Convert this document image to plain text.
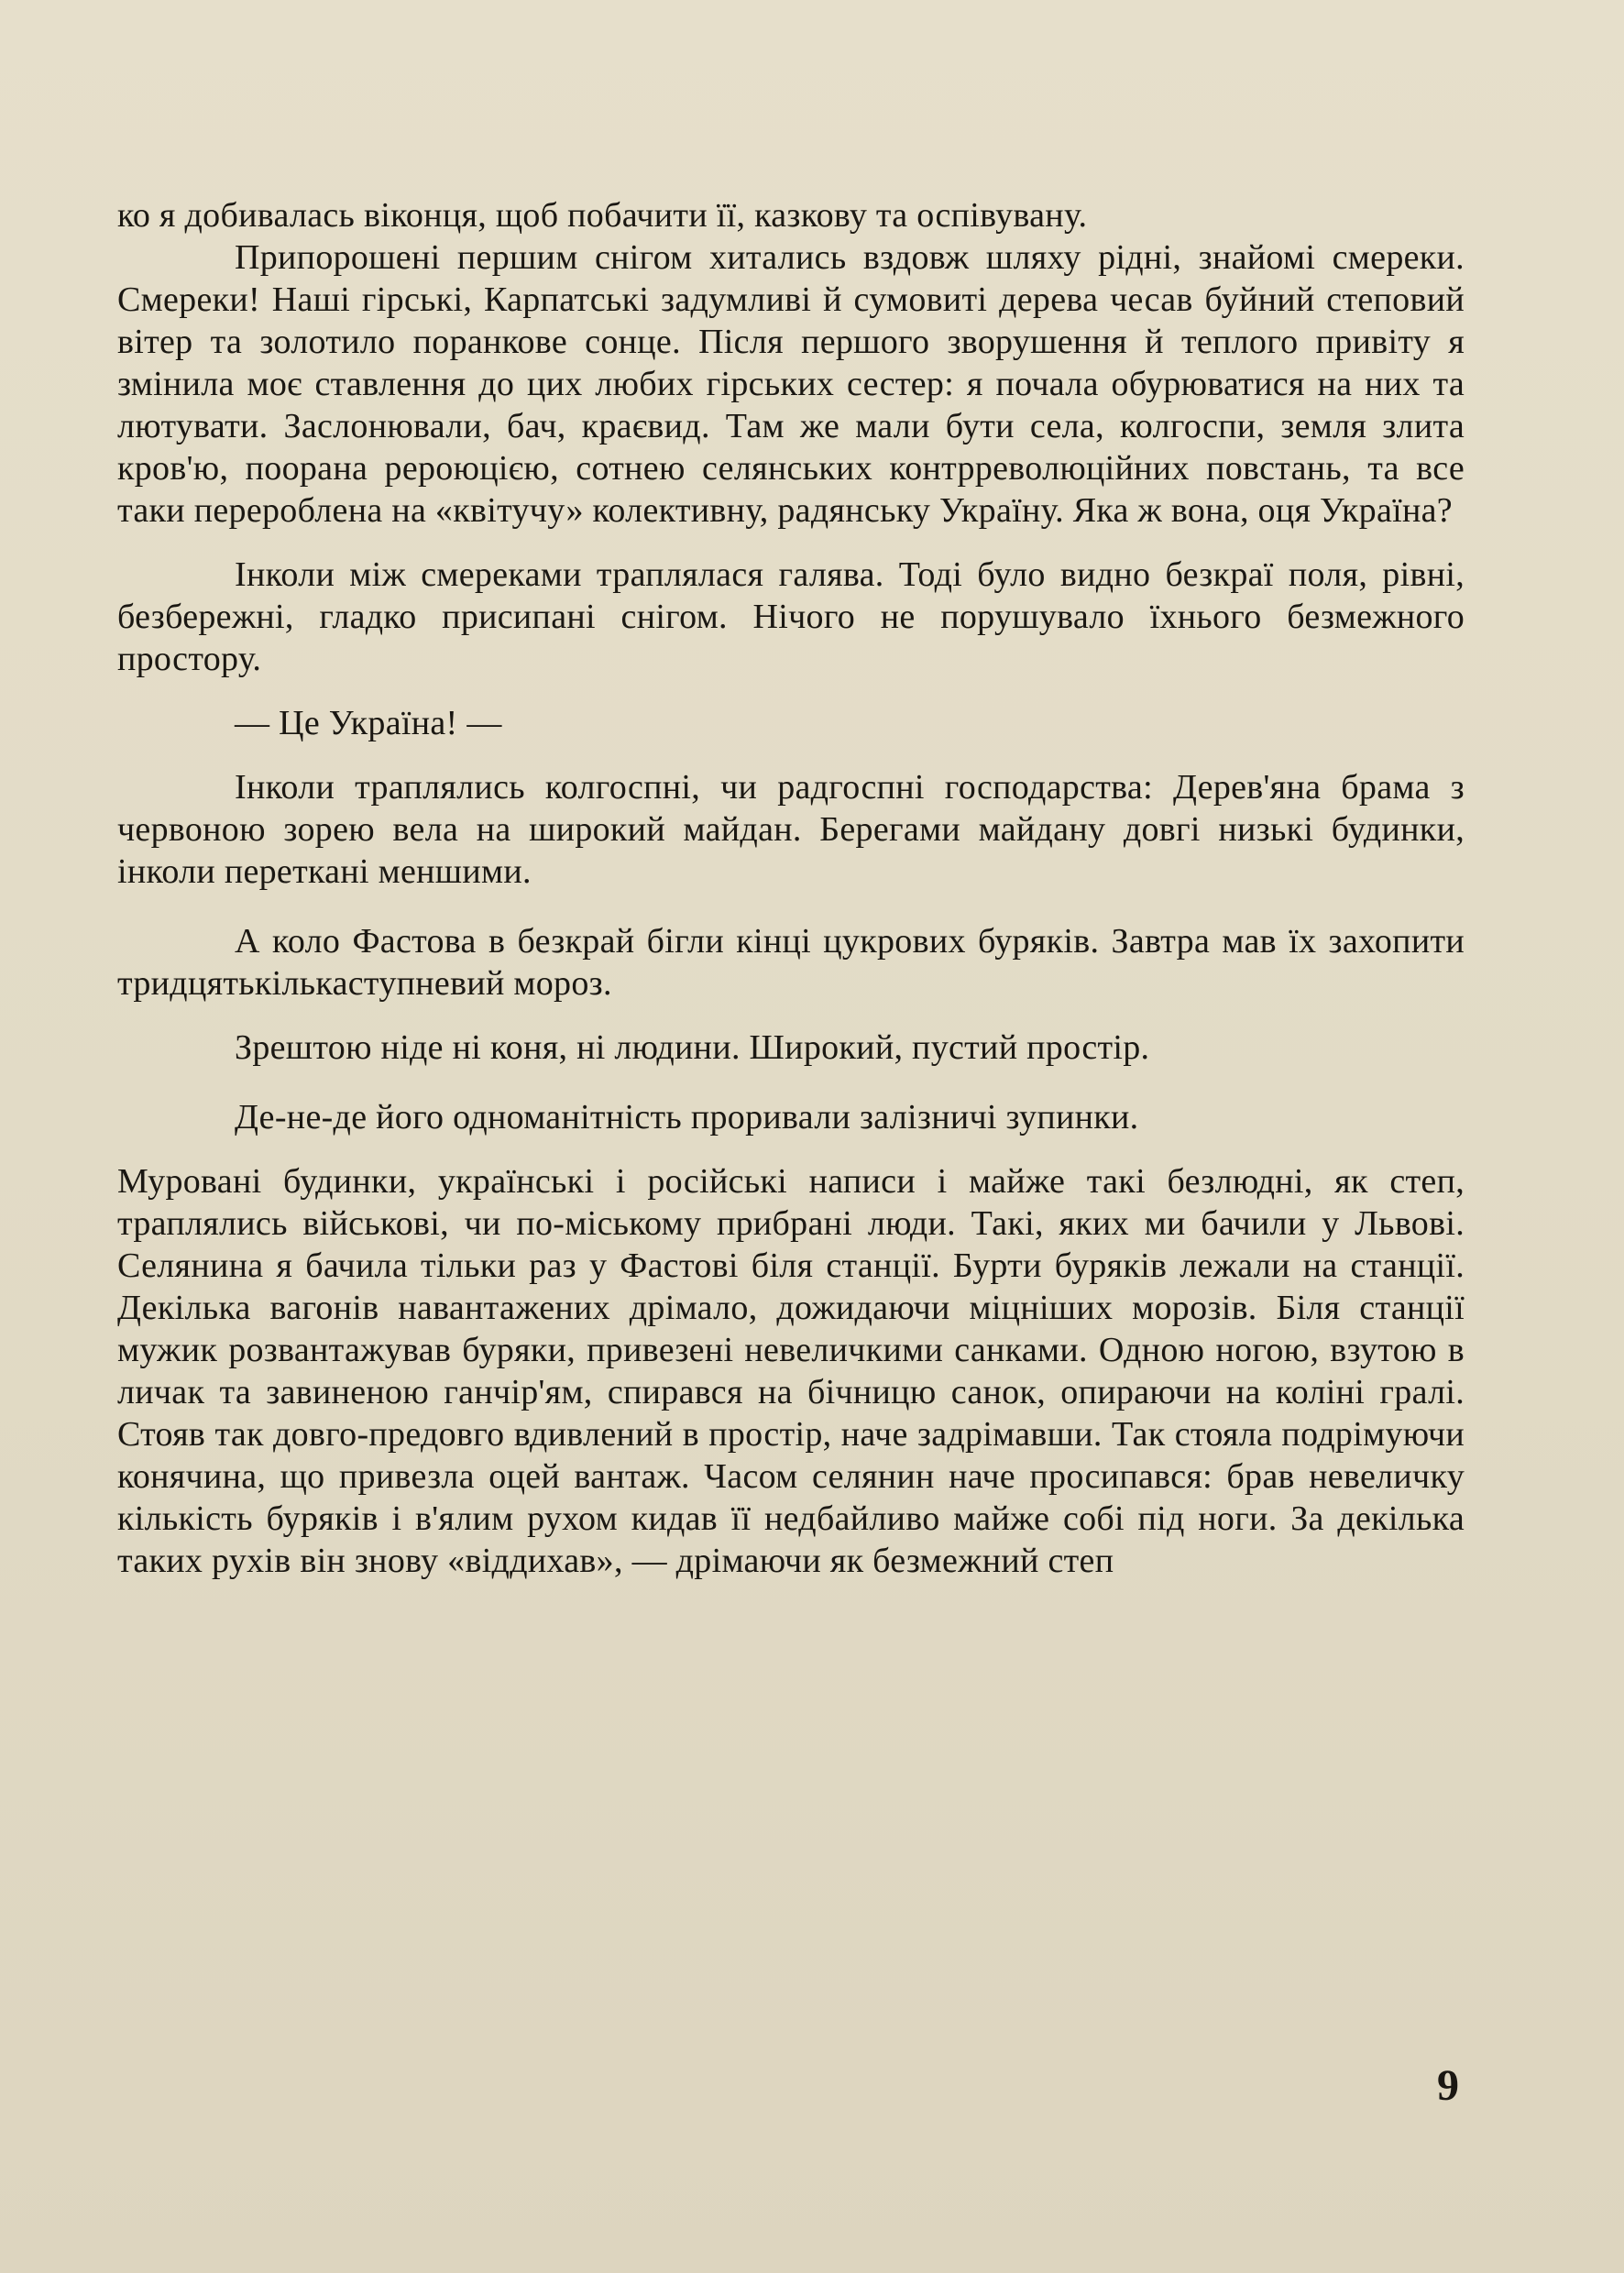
ко я добивалась віконця, щоб побачити її, казкову та оспівувану.

Припорошені першим снігом хитались вздовж шляху рідні, знайомі смереки. Смереки! Наші гірські, Карпатські задумливі й сумовиті дерева чесав буйний степовий вітер та золотило поранкове сонце. Після першого зворушення й теплого привіту я змінила моє ставлення до цих любих гірських сестер: я почала обурюватися на них та лютувати. Заслонювали, бач, краєвид. Там же мали бути села, колгоспи, земля злита кров'ю, поорана рероюцією, сотнею селянських контрреволюційних повстань, та все таки перероблена на «квітучу» колективну, радянську Україну. Яка ж вона, оця Україна?

Інколи між смереками траплялася галява. Тоді було видно безкраї поля, рівні, безбережні, гладко присипані снігом. Нічого не порушувало їхнього безмежного простору.

— Це Україна! —

Інколи траплялись колгоспні, чи радгоспні господарства: Дерев'яна брама з червоною зорею вела на широкий майдан. Берегами майдану довгі низькі будинки, інколи перетканi меншими.

А коло Фастова в безкрай бігли кінці цукрових буряків. Завтра мав їх захопити тридцятькількаступневий мороз.

Зрештою ніде ні коня, ні людини. Широкий, пустий простір.

Де-не-де його одноманітність проривали залізничі зупинки.

Муровані будинки, українські і російські написи і майже такі безлюдні, як степ, траплялись військові, чи по-міському прибрані люди. Такі, яких ми бачили у Львові. Селянина я бачила тільки раз у Фастові біля станції. Бурти буряків лежали на станції. Декілька вагонів навантажених дрімало, дожидаючи міцніших морозів. Біля станції мужик розвантажував буряки, привезені невеличкими санками. Одною ногою, взутою в личак та завиненою ганчір'ям, спирався на бічницю санок, опираючи на коліні гралі. Стояв так довго-предовго вдивлений в простір, наче задрімавши. Так стояла подрімуючи конячина, що привезла оцей вантаж. Часом селянин наче просипався: брав невеличку кількість буряків і в'ялим рухом кидав її недбайливо майже собі під ноги. За декілька таких рухів він знову «віддихав», — дрімаючи як безмежний степ

9
